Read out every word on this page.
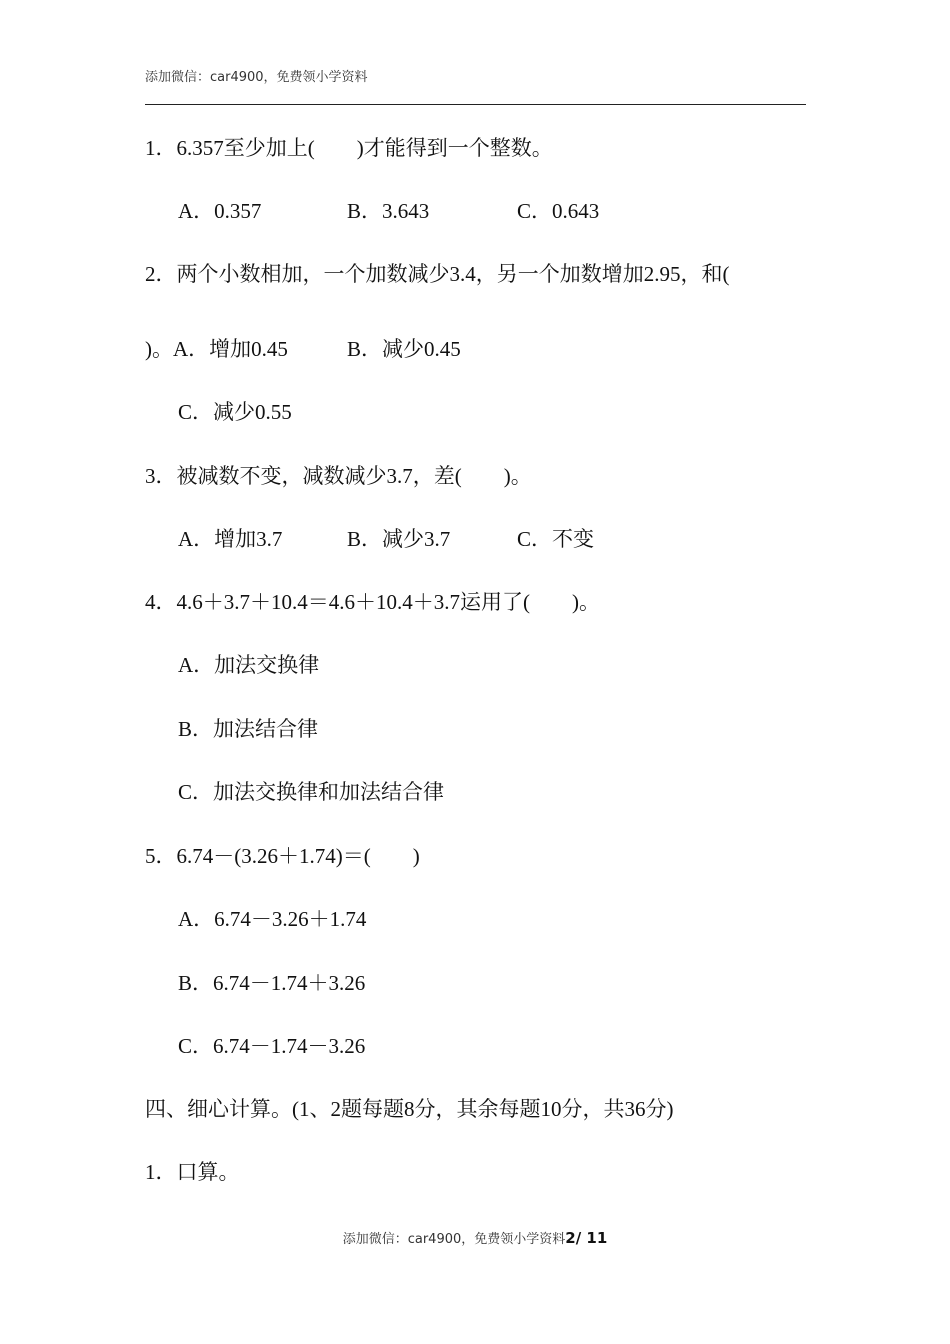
添加微信：car4900，免费领小学资料
1．6.357至少加上(　　)才能得到一个整数。
A．0.357	B．3.643	C．0.643
2．两个小数相加，一个加数减少3.4，另一个加数增加2.95，和(
)。A．增加0.45	B．减少0.45
C．减少0.55
3．被减数不变，减数减少3.7，差(　　)。
A．增加3.7	B．减少3.7	C．不变
4．4.6＋3.7＋10.4＝4.6＋10.4＋3.7运用了(　　)。
A．加法交换律
B．加法结合律
C．加法交换律和加法结合律
5．6.74－(3.26＋1.74)＝(　　)
A．6.74－3.26＋1.74
B．6.74－1.74＋3.26
C．6.74－1.74－3.26
四、细心计算。(1、2题每题8分，其余每题10分，共36分)
1．口算。
添加微信：car4900，免费领小学资料2/ 11
